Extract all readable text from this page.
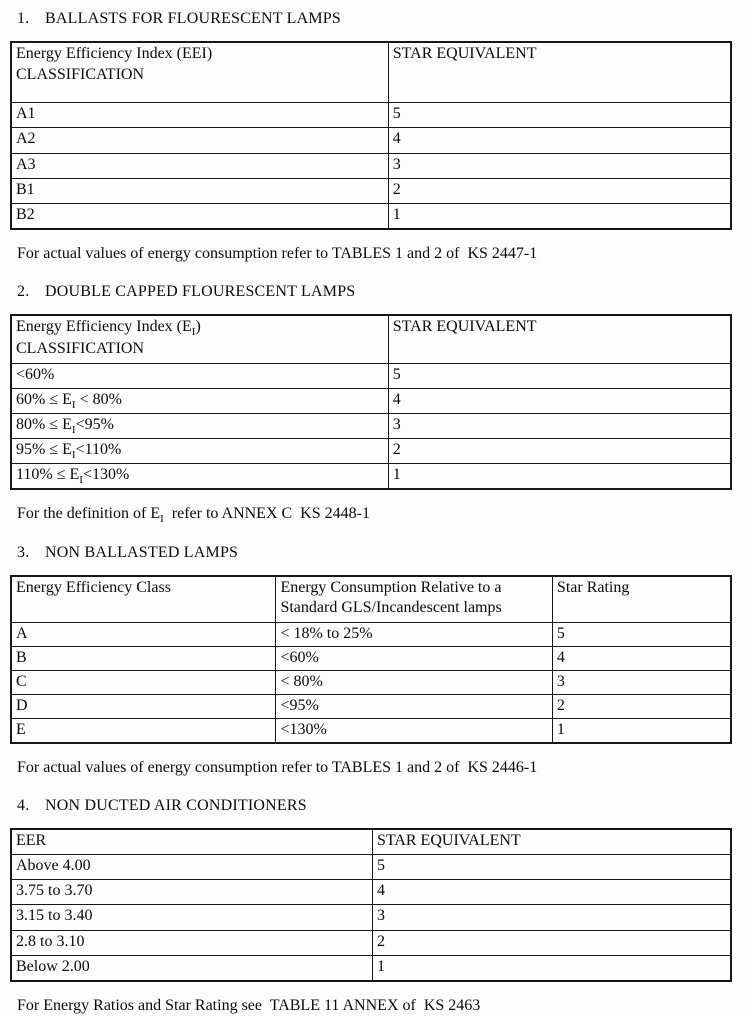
1. BALLASTS FOR FLOURESCENT LAMPS
Energy Efficiency Index (EEI)
CLASSIFICATION	STAR EQUIVALENT
A1	5
A2	4
A3	3
B1	2
B2	1
For actual values of energy consumption refer to TABLES 1 and 2 of  KS 2447-1
2. DOUBLE CAPPED FLOURESCENT LAMPS
Energy Efficiency Index $(E_I)$
CLASSIFICATION	STAR EQUIVALENT
<60%	5
$60\% \le E_I < 80\%$	4
$80\% \le E_I<95\%$	3
$95\% \le E_I<110\%$	2
$110\% \le E_I<130\%$	1
For the definition of $E_I$  refer to ANNEX C  KS 2448-1
3. NON BALLASTED LAMPS
Energy Efficiency Class	Energy Consumption Relative to a Standard GLS/Incandescent lamps	Star Rating
A	< 18% to 25%	5
B	<60%	4
C	< 80%	3
D	<95%	2
E	<130%	1
For actual values of energy consumption refer to TABLES 1 and 2 of  KS 2446-1
4. NON DUCTED AIR CONDITIONERS
EER	STAR EQUIVALENT
Above 4.00	5
3.75 to 3.70	4
3.15 to 3.40	3
2.8 to 3.10	2
Below 2.00	1
For Energy Ratios and Star Rating see  TABLE 11 ANNEX of  KS 2463
